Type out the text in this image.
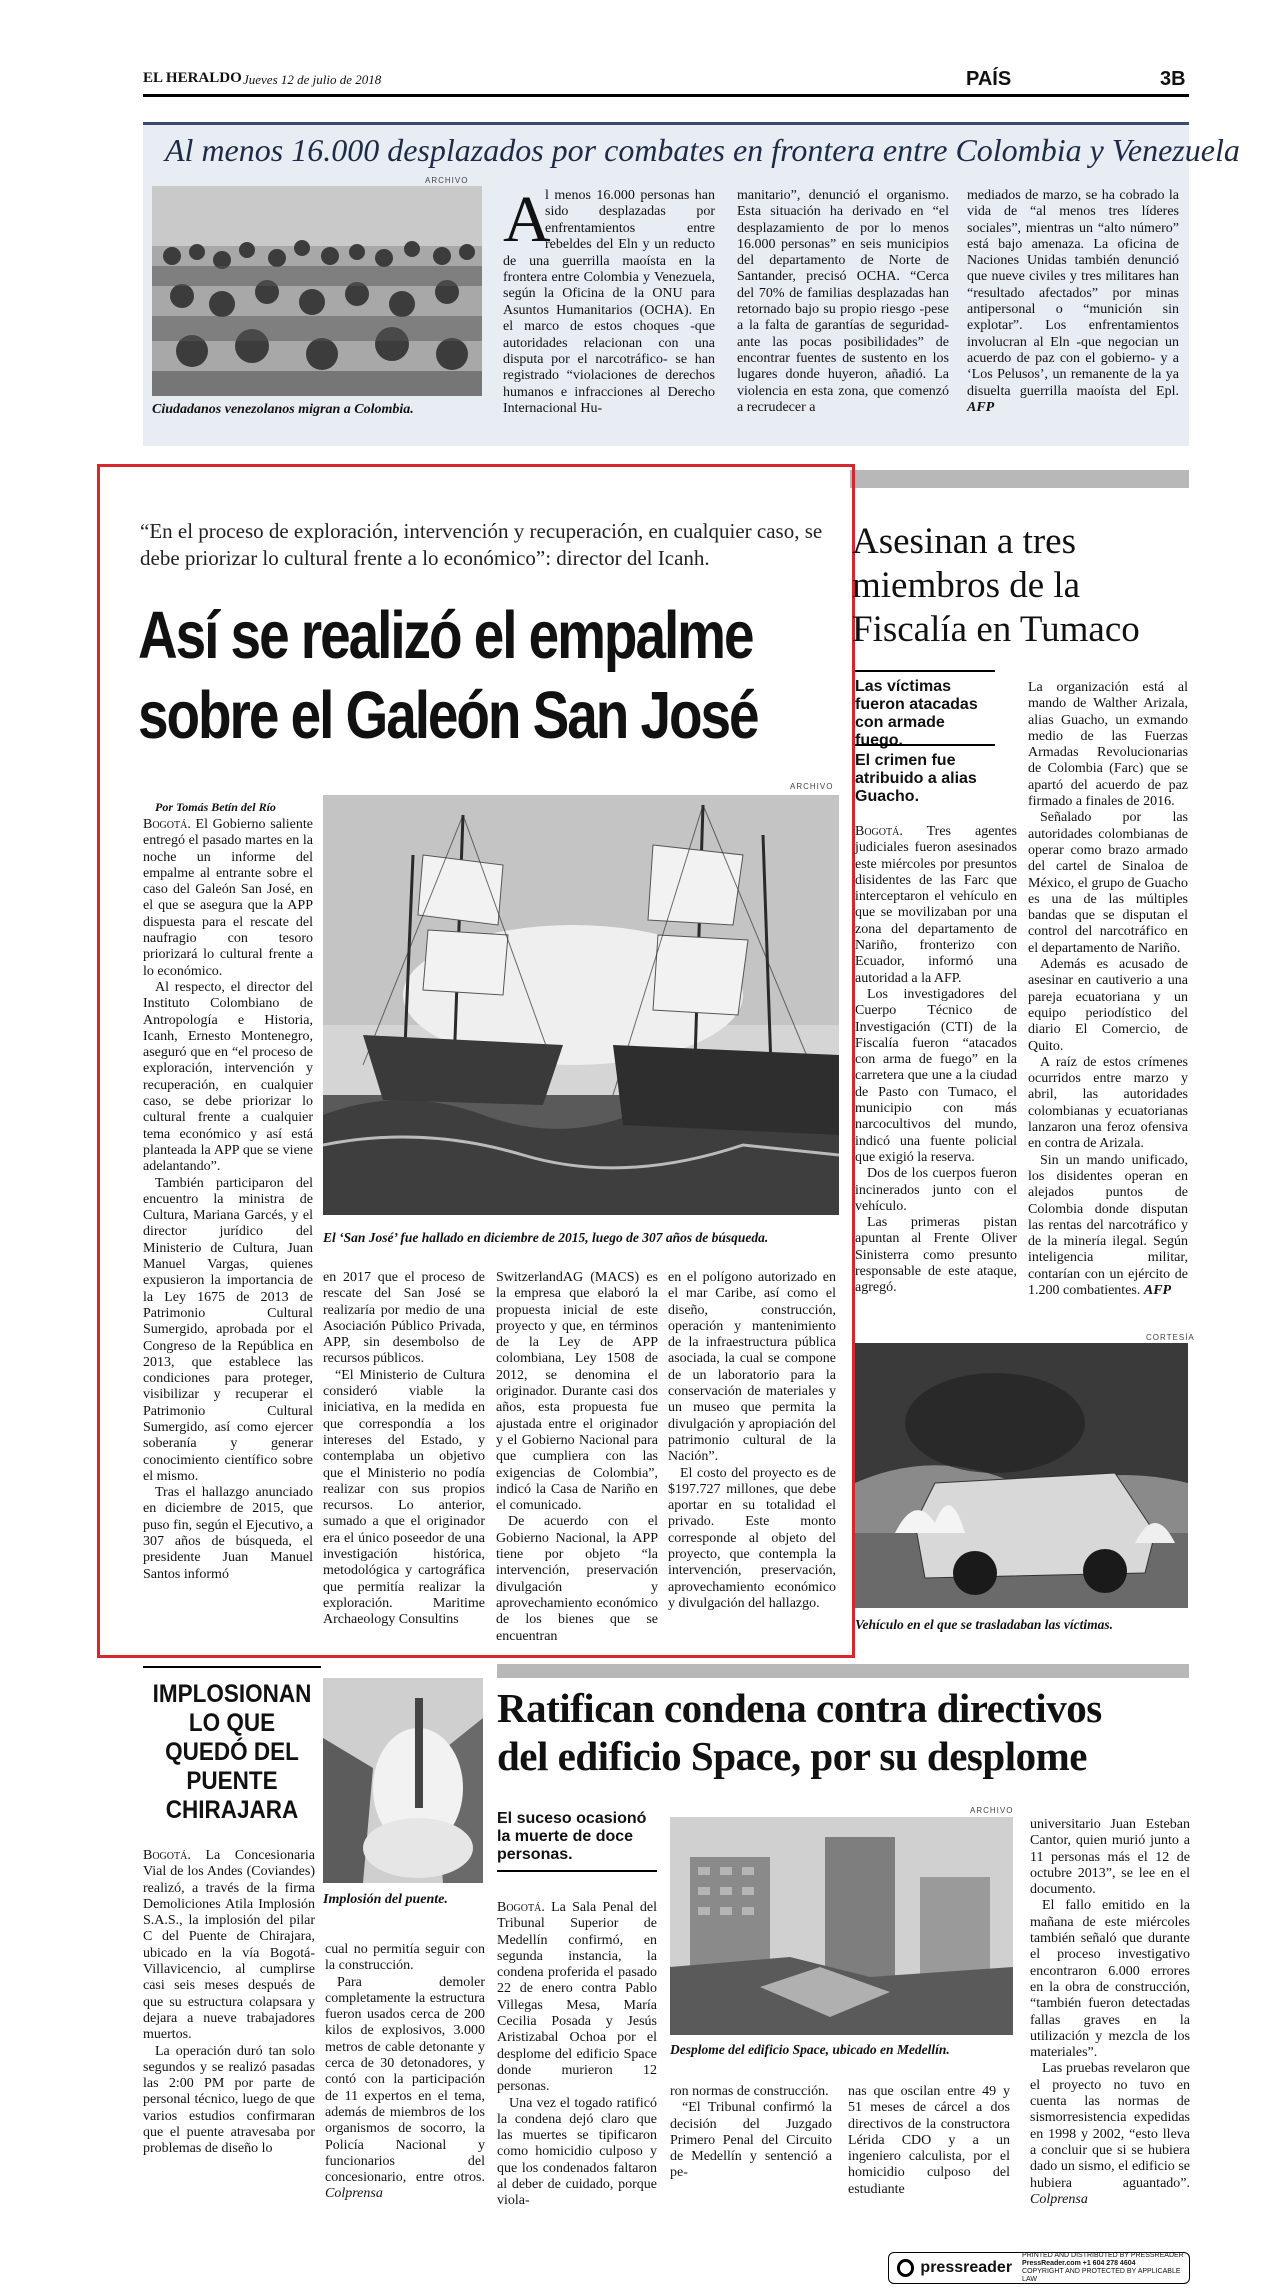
EL HERALDO Jueves 12 de julio de 2018	PAÍS	3B
Al menos 16.000 desplazados por combates en frontera entre Colombia y Venezuela
ARCHIVO
Ciudadanos venezolanos migran a Colombia.
A
l menos 16.000 personas han sido desplazadas por enfrentamientos entre rebeldes del Eln y un reducto de una guerrilla maoísta en la frontera entre Colombia y Venezuela, según la Oficina de la ONU para Asuntos Humanitarios (OCHA). En el marco de estos choques -que autoridades relacionan con una disputa por el narcotráfico- se han registrado “violaciones de derechos humanos e infracciones al Derecho Internacional Hu-
manitario”, denunció el organismo. Esta situación ha derivado en “el desplazamiento de por lo menos 16.000 personas” en seis municipios del departamento de Norte de Santander, precisó OCHA. “Cerca del 70% de familias desplazadas han retornado bajo su propio riesgo -pese a la falta de garantías de seguridad- ante las pocas posibilidades” de encontrar fuentes de sustento en los lugares donde huyeron, añadió. La violencia en esta zona, que comenzó a recrudecer a
mediados de marzo, se ha cobrado la vida de “al menos tres líderes sociales”, mientras un “alto número” está bajo amenaza. La oficina de Naciones Unidas también denunció que nueve civiles y tres militares han “resultado afectados” por minas antipersonal o “munición sin explotar”. Los enfrentamientos involucran al Eln -que negocian un acuerdo de paz con el gobierno- y a ‘Los Pelusos’, un remanente de la ya disuelta guerrilla maoísta del Epl. AFP
“En el proceso de exploración, intervención y recuperación, en cualquier caso, se debe priorizar lo cultural frente a lo económico”: director del Icanh.
Así se realizó el empalme
sobre el Galeón San José
Por Tomás Betín del Río
ARCHIVO
El ‘San José’ fue hallado en diciembre de 2015, luego de 307 años de búsqueda.

Bogotá. El Gobierno saliente entregó el pasado martes en la noche un informe del empalme al entrante sobre el caso del Galeón San José, en el que se asegura que la APP dispuesta para el rescate del naufragio con tesoro priorizará lo cultural frente a lo económico.

Al respecto, el director del Instituto Colombiano de Antropología e Historia, Icanh, Ernesto Montenegro, aseguró que en “el proceso de exploración, intervención y recuperación, en cualquier caso, se debe priorizar lo cultural frente a cualquier tema económico y así está planteada la APP que se viene adelantando”.

También participaron del encuentro la ministra de Cultura, Mariana Garcés, y el director jurídico del Ministerio de Cultura, Juan Manuel Vargas, quienes expusieron la importancia de la Ley 1675 de 2013 de Patrimonio Cultural Sumergido, aprobada por el Congreso de la República en 2013, que establece las condiciones para proteger, visibilizar y recuperar el Patrimonio Cultural Sumergido, así como ejercer soberanía y generar conocimiento científico sobre el mismo.

Tras el hallazgo anunciado en diciembre de 2015, que puso fin, según el Ejecutivo, a 307 años de búsqueda, el presidente Juan Manuel Santos informó

en 2017 que el proceso de rescate del San José se realizaría por medio de una Asociación Público Privada, APP, sin desembolso de recursos públicos.

“El Ministerio de Cultura consideró viable la iniciativa, en la medida en que correspondía a los intereses del Estado, y contemplaba un objetivo que el Ministerio no podía realizar con sus propios recursos. Lo anterior, sumado a que el originador era el único poseedor de una investigación histórica, metodológica y cartográfica que permitía realizar la exploración. Maritime Archaeology Consultins

SwitzerlandAG (MACS) es la empresa que elaboró la propuesta inicial de este proyecto y que, en términos de la Ley de APP colombiana, Ley 1508 de 2012, se denomina el originador. Durante casi dos años, esta propuesta fue ajustada entre el originador y el Gobierno Nacional para que cumpliera con las exigencias de Colombia”, indicó la Casa de Nariño en el comunicado.

De acuerdo con el Gobierno Nacional, la APP tiene por objeto “la intervención, preservación divulgación y aprovechamiento económico de los bienes que se encuentran

en el polígono autorizado en el mar Caribe, así como el diseño, construcción, operación y mantenimiento de la infraestructura pública asociada, la cual se compone de un laboratorio para la conservación de materiales y un museo que permita la divulgación y apropiación del patrimonio cultural de la Nación”.

El costo del proyecto es de $197.727 millones, que debe aportar en su totalidad el privado. Este monto corresponde al objeto del proyecto, que contempla la intervención, preservación, aprovechamiento económico y divulgación del hallazgo.

Asesinan a tres miembros de la Fiscalía en Tumaco
Las víctimas fueron atacadas con armade fuego.
El crimen fue atribuido a alias Guacho.

Bogotá. Tres agentes judiciales fueron asesinados este miércoles por presuntos disidentes de las Farc que interceptaron el vehículo en que se movilizaban por una zona del departamento de Nariño, fronterizo con Ecuador, informó una autoridad a la AFP.

Los investigadores del Cuerpo Técnico de Investigación (CTI) de la Fiscalía fueron “atacados con arma de fuego” en la carretera que une a la ciudad de Pasto con Tumaco, el municipio con más narcocultivos del mundo, indicó una fuente policial que exigió la reserva.

Dos de los cuerpos fueron incinerados junto con el vehículo.

Las primeras pistan apuntan al Frente Oliver Sinisterra como presunto responsable de este ataque, agregó.

La organización está al mando de Walther Arizala, alias Guacho, un exmando medio de las Fuerzas Armadas Revolucionarias de Colombia (Farc) que se apartó del acuerdo de paz firmado a finales de 2016.

Señalado por las autoridades colombianas de operar como brazo armado del cartel de Sinaloa de México, el grupo de Guacho es una de las múltiples bandas que se disputan el control del narcotráfico en el departamento de Nariño.

Además es acusado de asesinar en cautiverio a una pareja ecuatoriana y un equipo periodístico del diario El Comercio, de Quito.

A raíz de estos crímenes ocurridos entre marzo y abril, las autoridades colombianas y ecuatorianas lanzaron una feroz ofensiva en contra de Arizala.

Sin un mando unificado, los disidentes operan en alejados puntos de Colombia donde disputan las rentas del narcotráfico y de la minería ilegal. Según inteligencia militar, contarían con un ejército de 1.200 combatientes. AFP

CORTESÍA
Vehículo en el que se trasladaban las víctimas.
IMPLOSIONAN LO QUE QUEDÓ DEL PUENTE CHIRAJARA
Implosión del puente.

Bogotá. La Concesionaria Vial de los Andes (Coviandes) realizó, a través de la firma Demoliciones Atila Implosión S.A.S., la implosión del pilar C del Puente de Chirajara, ubicado en la vía Bogotá-Villavicencio, al cumplirse casi seis meses después de que su estructura colapsara y dejara a nueve trabajadores muertos.

La operación duró tan solo segundos y se realizó pasadas las 2:00 PM por parte de personal técnico, luego de que varios estudios confirmaran que el puente atravesaba por problemas de diseño lo

cual no permitía seguir con la construcción.

Para demoler completamente la estructura fueron usados cerca de 200 kilos de explosivos, 3.000 metros de cable detonante y cerca de 30 detonadores, y contó con la participación de 11 expertos en el tema, además de miembros de los organismos de socorro, la Policía Nacional y funcionarios del concesionario, entre otros. Colprensa

Ratifican condena contra directivos
del edificio Space, por su desplome
El suceso ocasionó la muerte de doce personas.

Bogotá. La Sala Penal del Tribunal Superior de Medellín confirmó, en segunda instancia, la condena proferida el pasado 22 de enero contra Pablo Villegas Mesa, María Cecilia Posada y Jesús Aristizabal Ochoa por el desplome del edificio Space donde murieron 12 personas.

Una vez el togado ratificó la condena dejó claro que las muertes se tipificaron como homicidio culposo y que los condenados faltaron al deber de cuidado, porque viola-

ARCHIVO
Desplome del edificio Space, ubicado en Medellín.

ron normas de construcción.

“El Tribunal confirmó la decisión del Juzgado Primero Penal del Circuito de Medellín y sentenció a pe-

nas que oscilan entre 49 y 51 meses de cárcel a dos directivos de la constructora Lérida CDO y a un ingeniero calculista, por el homicidio culposo del estudiante

universitario Juan Esteban Cantor, quien murió junto a 11 personas más el 12 de octubre 2013”, se lee en el documento.

El fallo emitido en la mañana de este miércoles también señaló que durante el proceso investigativo encontraron 6.000 errores en la obra de construcción, “también fueron detectadas fallas graves en la utilización y mezcla de los materiales”.

Las pruebas revelaron que el proyecto no tuvo en cuenta las normas de sismorresistencia expedidas en 1998 y 2002, “esto lleva a concluir que si se hubiera dado un sismo, el edificio se hubiera aguantado”. Colprensa

pressreader
PRINTED AND DISTRIBUTED BY PRESSREADER
PressReader.com +1 604 278 4604
COPYRIGHT AND PROTECTED BY APPLICABLE LAW
